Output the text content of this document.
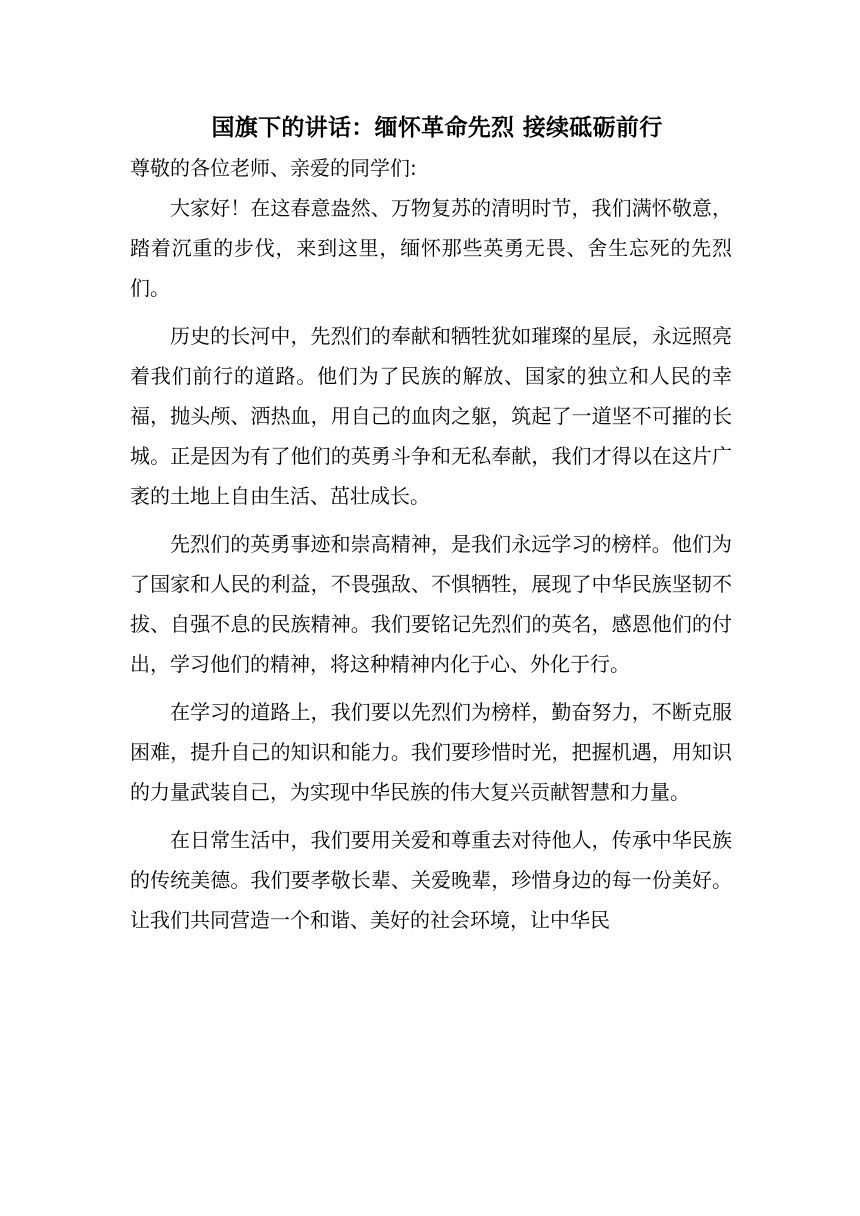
国旗下的讲话：缅怀革命先烈 接续砥砺前行

尊敬的各位老师、亲爱的同学们:

大家好！在这春意盎然、万物复苏的清明时节，我们满怀敬意，踏着沉重的步伐，来到这里，缅怀那些英勇无畏、舍生忘死的先烈们。

历史的长河中，先烈们的奉献和牺牲犹如璀璨的星辰，永远照亮着我们前行的道路。他们为了民族的解放、国家的独立和人民的幸福，抛头颅、洒热血，用自己的血肉之躯，筑起了一道坚不可摧的长城。正是因为有了他们的英勇斗争和无私奉献，我们才得以在这片广袤的土地上自由生活、茁壮成长。

先烈们的英勇事迹和崇高精神，是我们永远学习的榜样。他们为了国家和人民的利益，不畏强敌、不惧牺牲，展现了中华民族坚韧不拔、自强不息的民族精神。我们要铭记先烈们的英名，感恩他们的付出，学习他们的精神，将这种精神内化于心、外化于行。

在学习的道路上，我们要以先烈们为榜样，勤奋努力，不断克服困难，提升自己的知识和能力。我们要珍惜时光，把握机遇，用知识的力量武装自己，为实现中华民族的伟大复兴贡献智慧和力量。

在日常生活中，我们要用关爱和尊重去对待他人，传承中华民族的传统美德。我们要孝敬长辈、关爱晚辈，珍惜身边的每一份美好。让我们共同营造一个和谐、美好的社会环境，让中华民
